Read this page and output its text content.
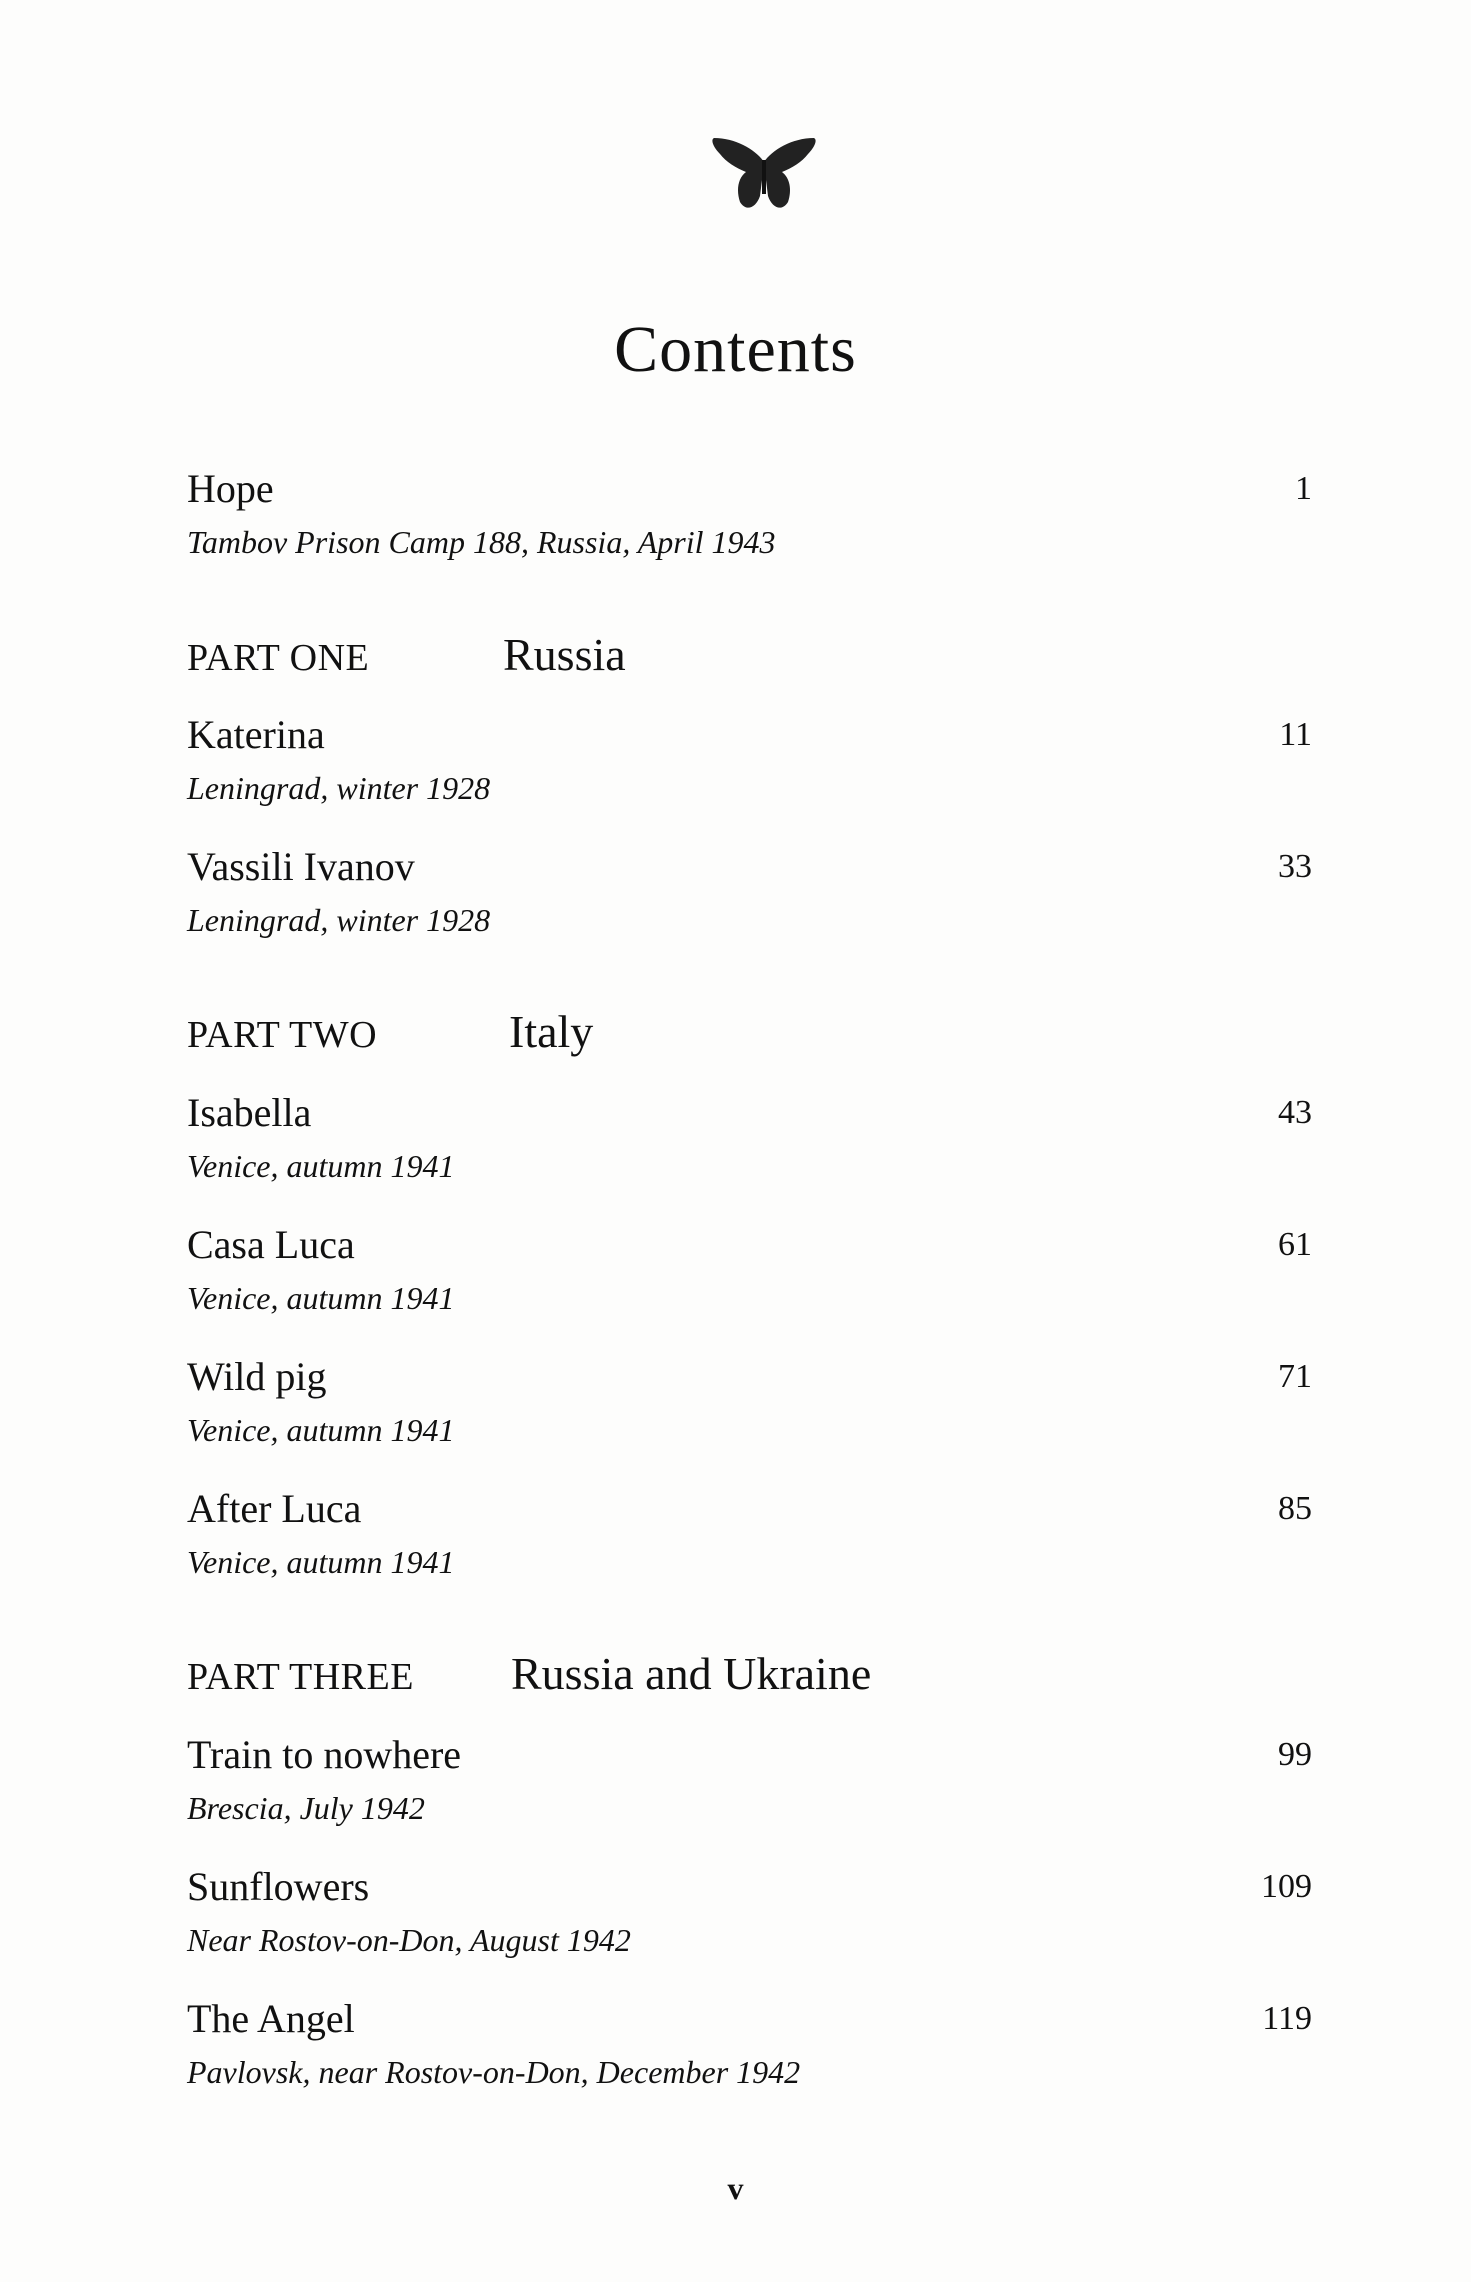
Contents
Hope
Tambov Prison Camp 188, Russia, April 1943
1
PART ONE	Russia
Katerina
Leningrad, winter 1928
11
Vassili Ivanov
Leningrad, winter 1928
33
PART TWO	Italy
Isabella
Venice, autumn 1941
43
Casa Luca
Venice, autumn 1941
61
Wild pig
Venice, autumn 1941
71
After Luca
Venice, autumn 1941
85
PART THREE Russia and Ukraine
Train to nowhere
Brescia, July 1942
99
Sunflowers
Near Rostov-on-Don, August 1942
109
The Angel
Pavlovsk, near Rostov-on-Don, December 1942
119
v
